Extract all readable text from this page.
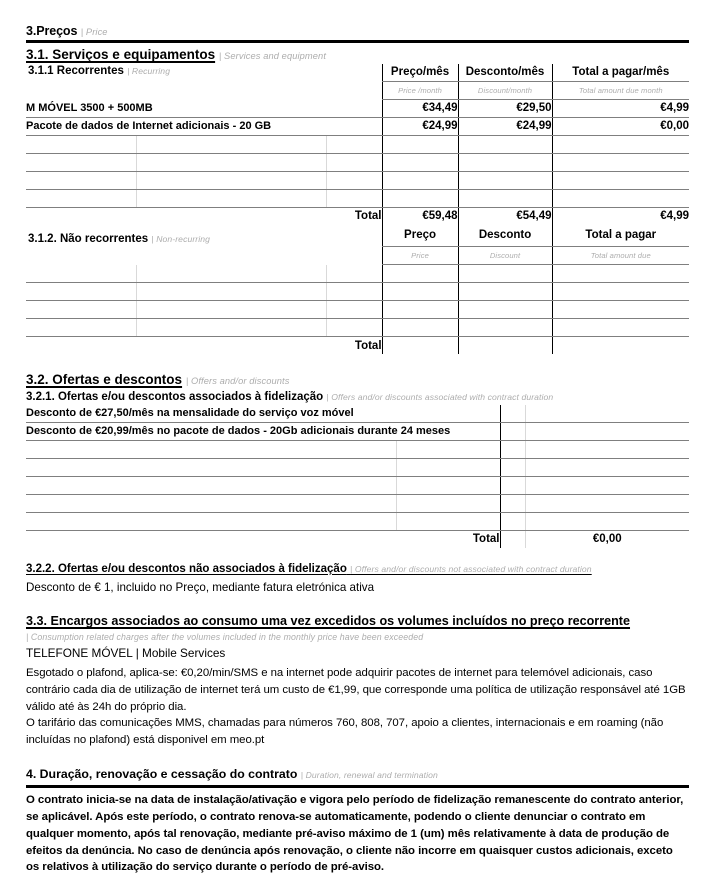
3.Preços | Price
3.1. Serviços e equipamentos | Services and equipment
3.1.1 Recorrentes | Recurring			Preço/mês	Desconto/mês	Total a pagar/mês
			Price /month	Discount/month	Total amount due month
M MÓVEL 3500 + 500MB			€34,49	€29,50	€4,99
Pacote de dados de Internet adicionais - 20 GB			€24,99	€24,99	€0,00

		Total	€59,48	€54,49	€4,99
3.1.2. Não recorrentes | Non-recurring			Preço	Desconto	Total a pagar
			Price	Discount	Total amount due

		Total			
3.2. Ofertas e descontos | Offers and/or discounts
3.2.1. Ofertas e/ou descontos associados à fidelização | Offers and/or discounts associated with contract duration
Desconto de €27,50/mês na mensalidade do serviço voz móvel			
Desconto de €20,99/mês no pacote de dados - 20Gb adicionais durante 24 meses			

	Total		€0,00
3.2.2. Ofertas e/ou descontos não associados à fidelização | Offers and/or discounts not associated with contract duration
Desconto de € 1, incluido no Preço, mediante fatura eletrónica ativa
3.3. Encargos associados ao consumo uma vez excedidos os volumes incluídos no preço recorrente
| Consumption related charges after the volumes included in the monthly price have been exceeded
TELEFONE MÓVEL | Mobile Services

Esgotado o plafond, aplica-se: €0,20/min/SMS e na internet pode adquirir pacotes de internet para telemóvel adicionais, caso contrário cada dia de utilização de internet terá um custo de €1,99, que corresponde uma política de utilização responsável até 1GB válido até às 24h do próprio dia.

O tarifário das comunicações MMS, chamadas para números 760, 808, 707, apoio a clientes, internacionais e em roaming (não incluídas no plafond) está disponivel em meo.pt

4. Duração, renovação e cessação do contrato | Duration, renewal and termination

O contrato inicia-se na data de instalação/ativação e vigora pelo período de fidelização remanescente do contrato anterior, se aplicável. Após este período, o contrato renova-se automaticamente, podendo o cliente denunciar o contrato em qualquer momento, após tal renovação, mediante pré-aviso máximo de 1 (um) mês relativamente à data de produção de efeitos da denúncia. No caso de denúncia após renovação, o cliente não incorre em quaisquer custos adicionais, exceto os relativos à utilização do serviço durante o período de pré-aviso.
